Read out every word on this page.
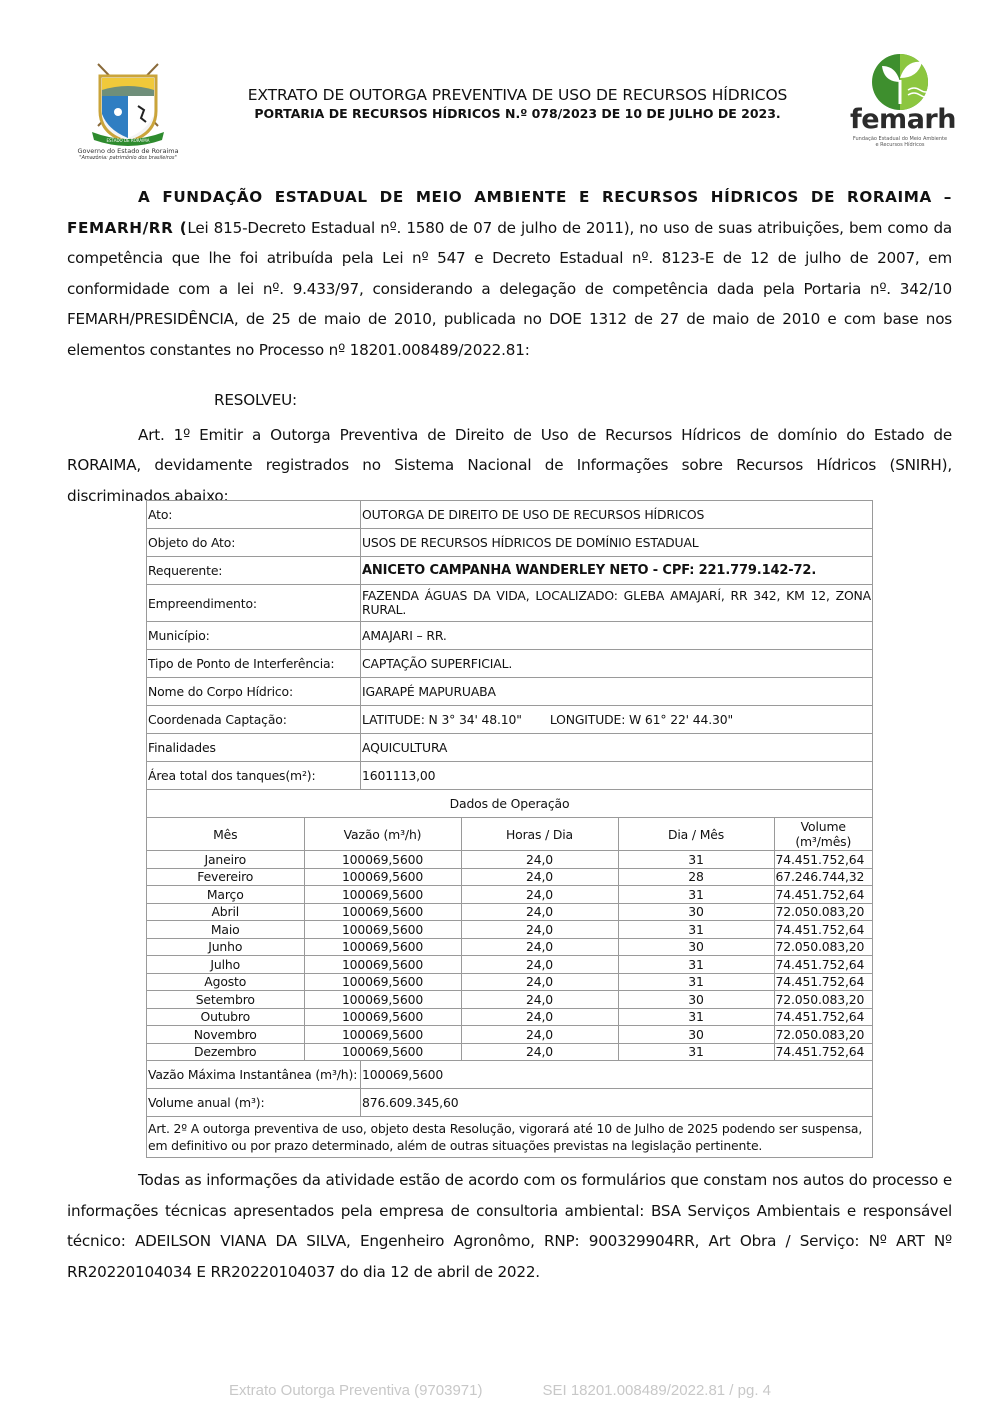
ESTADO DE RORAIMA
Governo do Estado de Roraima
"Amazônia: patrimônio dos brasileiros"
EXTRATO DE OUTORGA PREVENTIVA DE USO DE RECURSOS HÍDRICOS
PORTARIA DE RECURSOS HÍDRICOS N.º 078/2023 DE 10 DE JULHO DE 2023.	femarh
Fundação Estadual do Meio Ambiente
e Recursos Hídricos
A FUNDAÇÃO ESTADUAL DE MEIO AMBIENTE E RECURSOS HÍDRICOS DE RORAIMA – FEMARH/RR (Lei 815-Decreto Estadual nº. 1580 de 07 de julho de 2011), no uso de suas atribuições, bem como da competência que lhe foi atribuída pela Lei nº 547 e Decreto Estadual nº. 8123-E de 12 de julho de 2007, em conformidade com a lei nº. 9.433/97, considerando a delegação de competência dada pela Portaria nº. 342/10 FEMARH/PRESIDÊNCIA, de 25 de maio de 2010, publicada no DOE 1312 de 27 de maio de 2010 e com base nos elementos constantes no Processo nº 18201.008489/2022.81:
RESOLVEU:
Art. 1º Emitir a Outorga Preventiva de Direito de Uso de Recursos Hídricos de domínio do Estado de RORAIMA, devidamente registrados no Sistema Nacional de Informações sobre Recursos Hídricos (SNIRH), discriminados abaixo:
Ato:	OUTORGA DE DIREITO DE USO DE RECURSOS HÍDRICOS
Objeto do Ato:	USOS DE RECURSOS HÍDRICOS DE DOMÍNIO ESTADUAL
Requerente:	ANICETO CAMPANHA WANDERLEY NETO - CPF: 221.779.142-72.
Empreendimento:	FAZENDA ÁGUAS DA VIDA, LOCALIZADO: GLEBA AMAJARÍ, RR 342, KM 12, ZONA RURAL.
Município:	AMAJARI – RR.
Tipo de Ponto de Interferência:	CAPTAÇÃO SUPERFICIAL.
Nome do Corpo Hídrico:	IGARAPÉ MAPURUABA
Coordenada Captação:	LATITUDE: N 3° 34' 48.10" LONGITUDE: W 61° 22' 44.30"
Finalidades	AQUICULTURA
Área total dos tanques(m²):	1601113,00
Dados de Operação

Mês	Vazão (m³/h)	Horas / Dia	Dia / Mês	Volume (m³/mês)
Janeiro	100069,5600	24,0	31	74.451.752,64
Fevereiro	100069,5600	24,0	28	67.246.744,32
Março	100069,5600	24,0	31	74.451.752,64
Abril	100069,5600	24,0	30	72.050.083,20
Maio	100069,5600	24,0	31	74.451.752,64
Junho	100069,5600	24,0	30	72.050.083,20
Julho	100069,5600	24,0	31	74.451.752,64
Agosto	100069,5600	24,0	31	74.451.752,64
Setembro	100069,5600	24,0	30	72.050.083,20
Outubro	100069,5600	24,0	31	74.451.752,64
Novembro	100069,5600	24,0	30	72.050.083,20
Dezembro	100069,5600	24,0	31	74.451.752,64

Vazão Máxima Instantânea (m³/h):	100069,5600
Volume anual (m³):	876.609.345,60
Art. 2º A outorga preventiva de uso, objeto desta Resolução, vigorará até 10 de Julho de 2025 podendo ser suspensa, em definitivo ou por prazo determinado, além de outras situações previstas na legislação pertinente.
Todas as informações da atividade estão de acordo com os formulários que constam nos autos do processo e informações técnicas apresentados pela empresa de consultoria ambiental: BSA Serviços Ambientais e responsável técnico: ADEILSON VIANA DA SILVA, Engenheiro Agronômo, RNP: 900329904RR, Art Obra / Serviço: Nº ART Nº RR20220104034 E RR20220104037 do dia 12 de abril de 2022.
Extrato Outorga Preventiva (9703971)	SEI 18201.008489/2022.81 / pg. 4
